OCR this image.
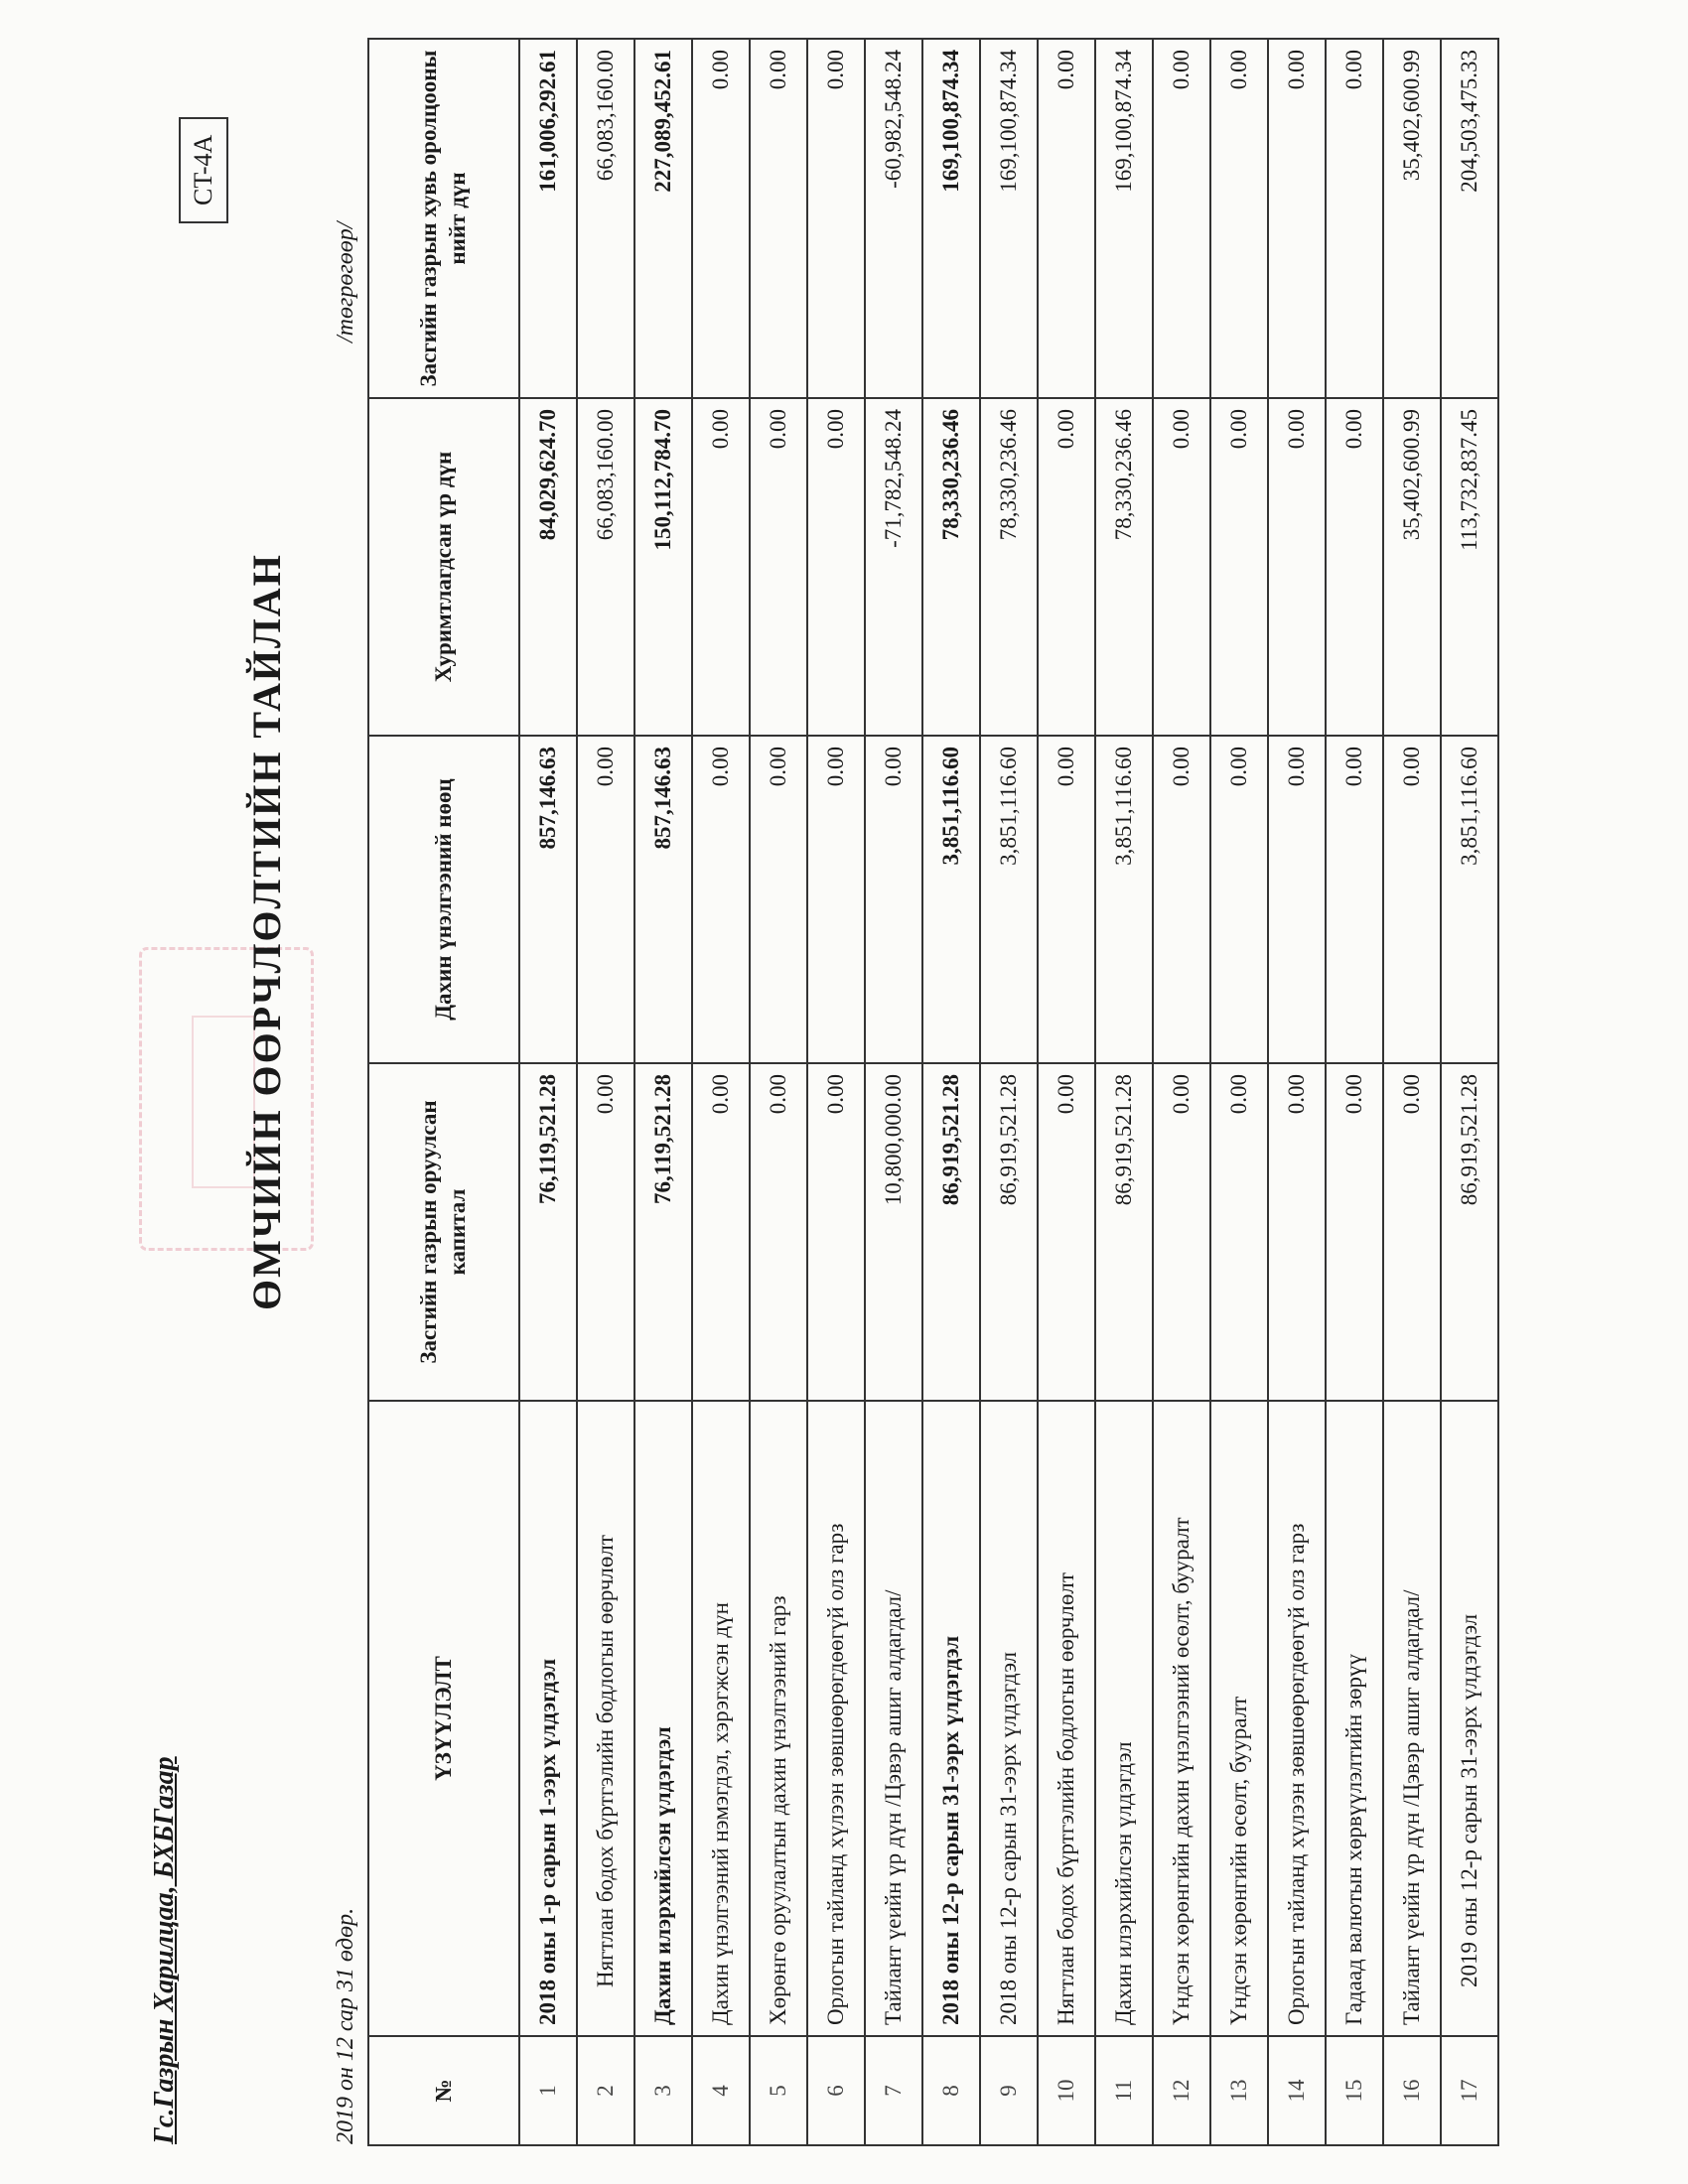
Гс.Газрын Харилцаа, БХБГазар
ӨМЧИЙН ӨӨРЧЛӨЛТИЙН ТАЙЛАН
CT-4A
2019 он 12 сар 31 өдөр.
/төгрөгөөр/
№	ҮЗҮҮЛЭЛТ	Засгийн газрын оруулсан капитал	Дахин үнэлгээний нөөц	Хуримтлагдсан үр дүн	Засгийн газрын хувь оролцооны нийт дүн
1	2018 оны 1-р сарын 1-ээрх үлдэгдэл	76,119,521.28	857,146.63	84,029,624.70	161,006,292.61
2	Нягтлан бодох бүртгэлийн бодлогын өөрчлөлт	0.00	0.00	66,083,160.00	66,083,160.00
3	Дахин илэрхийлсэн үлдэгдэл	76,119,521.28	857,146.63	150,112,784.70	227,089,452.61
4	Дахин үнэлгээний нэмэгдэл, хэрэгжсэн дүн	0.00	0.00	0.00	0.00
5	Хөрөнгө оруулалтын дахин үнэлгээний гарз	0.00	0.00	0.00	0.00
6	Орлогын тайланд хүлээн зөвшөөрөгдөөгүй олз гарз	0.00	0.00	0.00	0.00
7	Тайлант үеийн үр дүн /Цэвэр ашиг алдагдал/	10,800,000.00	0.00	-71,782,548.24	-60,982,548.24
8	2018 оны 12-р сарын 31-ээрх үлдэгдэл	86,919,521.28	3,851,116.60	78,330,236.46	169,100,874.34
9	2018 оны 12-р сарын 31-ээрх үлдэгдэл	86,919,521.28	3,851,116.60	78,330,236.46	169,100,874.34
10	Нягтлан бодох бүртгэлийн бодлогын өөрчлөлт	0.00	0.00	0.00	0.00
11	Дахин илэрхийлсэн үлдэгдэл	86,919,521.28	3,851,116.60	78,330,236.46	169,100,874.34
12	Үндсэн хөрөнгийн дахин үнэлгээний өсөлт, бууралт	0.00	0.00	0.00	0.00
13	Үндсэн хөрөнгийн өсөлт, бууралт	0.00	0.00	0.00	0.00
14	Орлогын тайланд хүлээн зөвшөөрөгдөөгүй олз гарз	0.00	0.00	0.00	0.00
15	Гадаад валютын хөрвүүлэлтийн зөрүү	0.00	0.00	0.00	0.00
16	Тайлант үеийн үр дүн /Цэвэр ашиг алдагдал/	0.00	0.00	35,402,600.99	35,402,600.99
17	2019 оны 12-р сарын 31-ээрх үлдэгдэл	86,919,521.28	3,851,116.60	113,732,837.45	204,503,475.33
